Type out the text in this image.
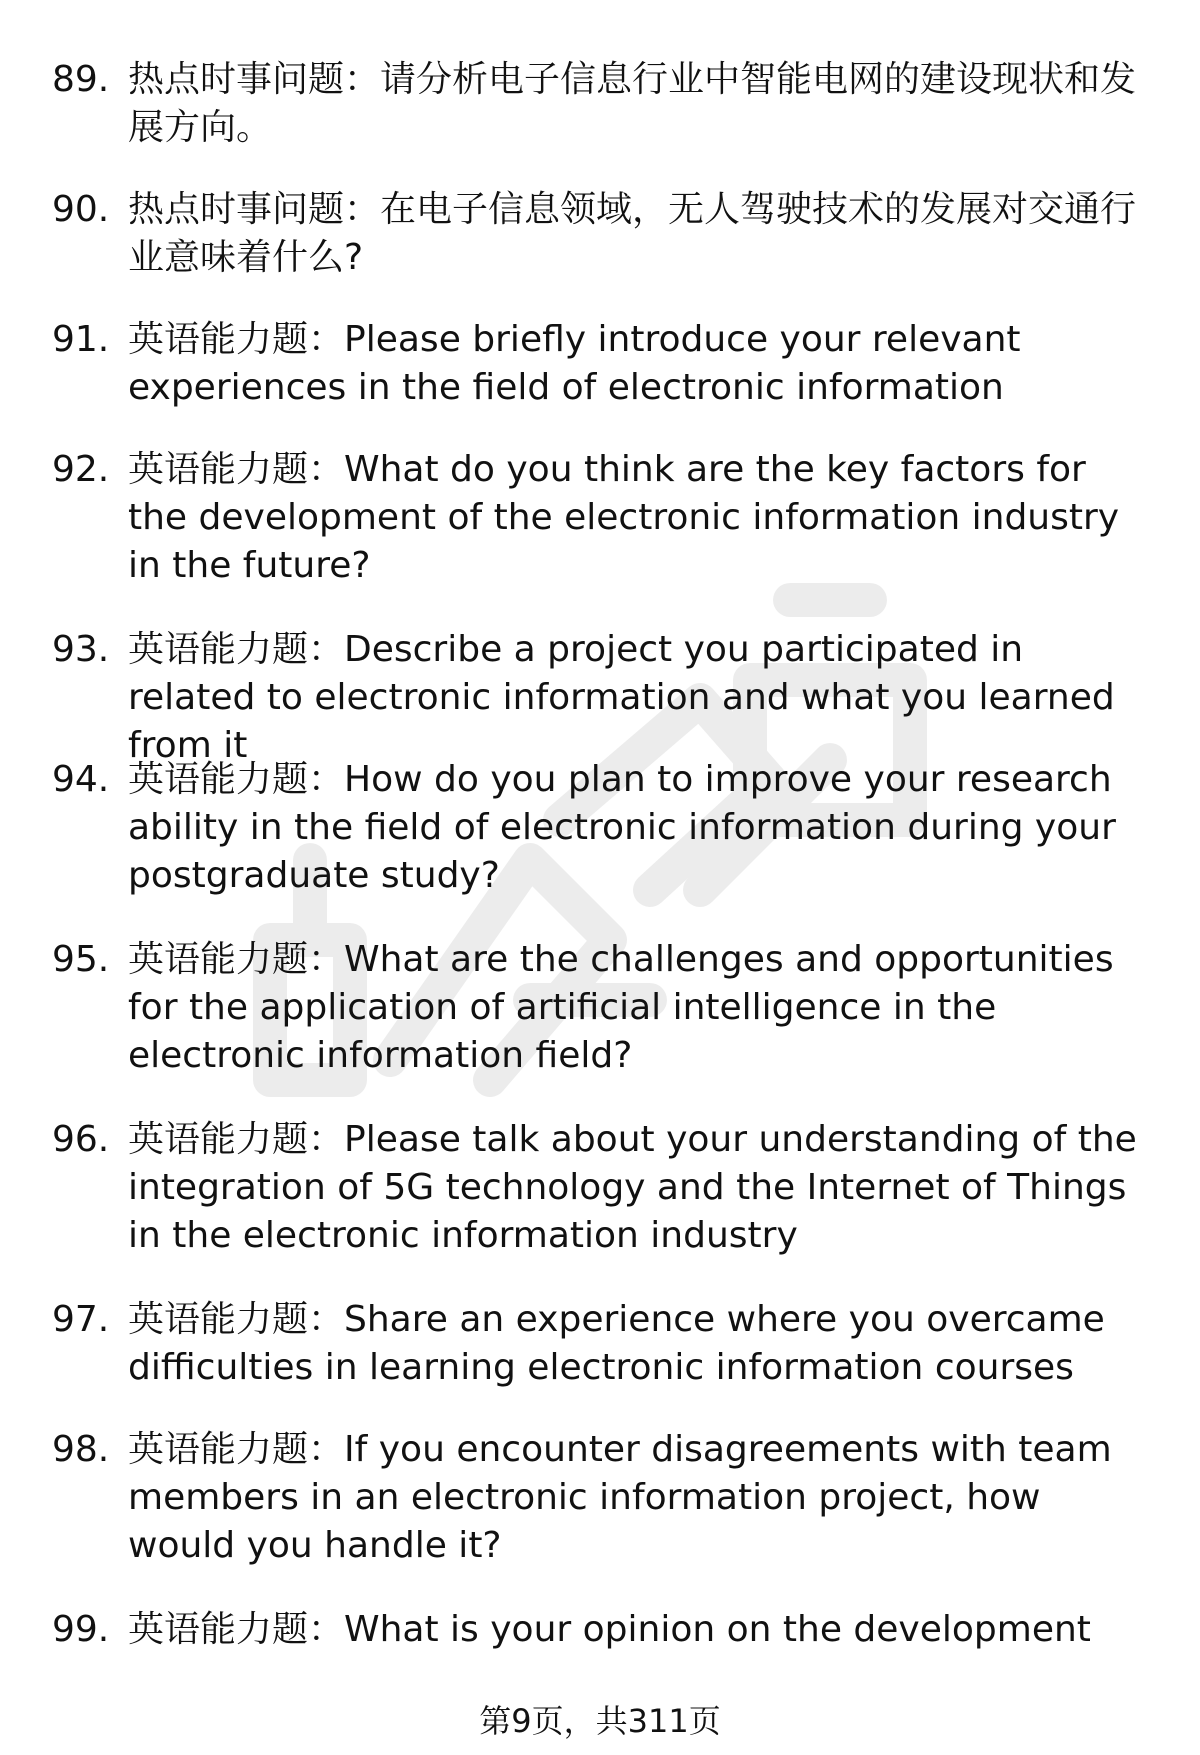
89. 热点时事问题：请分析电子信息行业中智能电网的建设现状和发展方向。
90. 热点时事问题：在电子信息领域，无人驾驶技术的发展对交通行业意味着什么?
91. 英语能力题：Please briefly introduce your relevant experiences in the field of electronic information
92. 英语能力题：What do you think are the key factors for the development of the electronic information industry in the future?
93. 英语能力题：Describe a project you participated in related to electronic information and what you learned from it
94. 英语能力题：How do you plan to improve your research ability in the field of electronic information during your postgraduate study?
95. 英语能力题：What are the challenges and opportunities for the application of artificial intelligence in the electronic information field?
96. 英语能力题：Please talk about your understanding of the integration of 5G technology and the Internet of Things in the electronic information industry
97. 英语能力题：Share an experience where you overcame difficulties in learning electronic information courses
98. 英语能力题：If you encounter disagreements with team members in an electronic information project, how would you handle it?
99. 英语能力题：What is your opinion on the development
第9页，共311页
